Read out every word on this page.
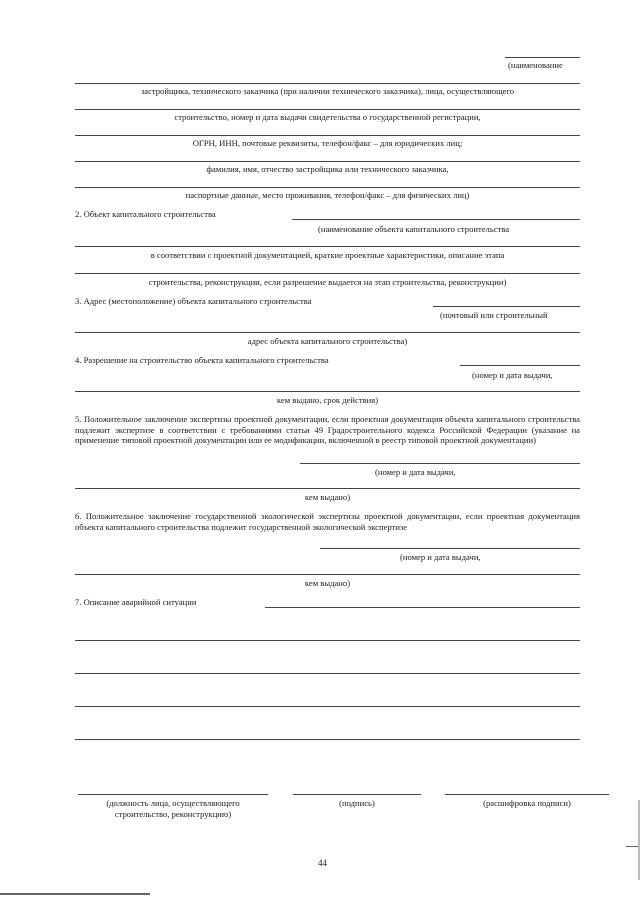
(наименование
застройщика, технического заказчика (при наличии технического заказчика), лица, осуществляющего
строительство, номер и дата выдачи свидетельства о государственной регистрации,
ОГРН, ИНН, почтовые реквизиты, телефон/факс – для юридических лиц;
фамилия, имя, отчество застройщика или технического заказчика,
паспортные данные, место проживания, телефон/факс – для физических лиц)
2. Объект капитального строительства
(наименование объекта капитального строительства
в соответствии с проектной документацией, краткие проектные характеристики, описание этапа
строительства, реконструкции, если разрешение выдается на этап строительства, реконструкции)
3. Адрес (местоположение) объекта капитального строительства
(почтовый или строительный
адрес объекта капитального строительства)
4. Разрешение на строительство объекта капитального строительства
(номер и дата выдачи,
кем выдано, срок действия)
5. Положительное заключение экспертизы проектной документации, если проектная документация объекта капитального строительства подлежит экспертизе в соответствии с требованиями статьи 49 Градостроительного кодекса Российской Федерации (указание на применение типовой проектной документации или ее модификации, включенной в реестр типовой проектной документации)
(номер и дата выдачи,
кем выдано)
6. Положительное заключение государственной экологической экспертизы проектной документации, если проектная документация объекта капитального строительства подлежит государственной экологической экспертизе
(номер и дата выдачи,
кем выдано)
7. Описание аварийной ситуации
(должность лица, осуществляющего строительство, реконструкцию)
(подпись)	(расшифровка подписи)
44
